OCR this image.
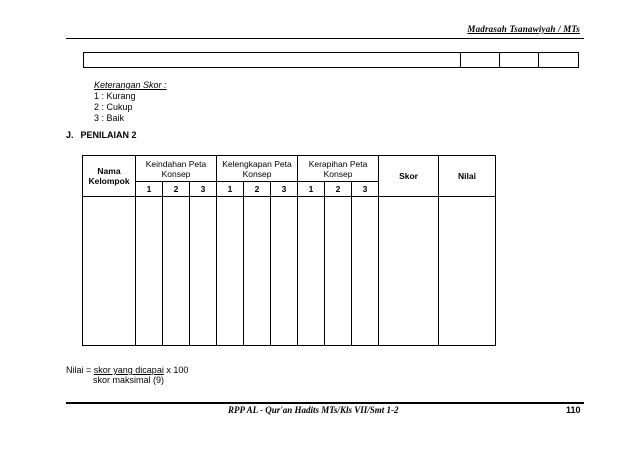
Madrasah Tsanawiyah / MTs

Keterangan Skor :
1 : Kurang
2 : Cukup
3 : Baik
J. PENILAIAN 2
Nama Kelompok	Keindahan Peta Konsep			Kelengkapan Peta Konsep			Kerapihan Peta Konsep			Skor	Nilai
	1	2	3	1	2	3	1	2	3		

Nilai = skor yang dicapai x 100
skor maksimal (9)
RPP AL - Qur'an Hadits MTs/Kls VII/Smt 1-2	110
